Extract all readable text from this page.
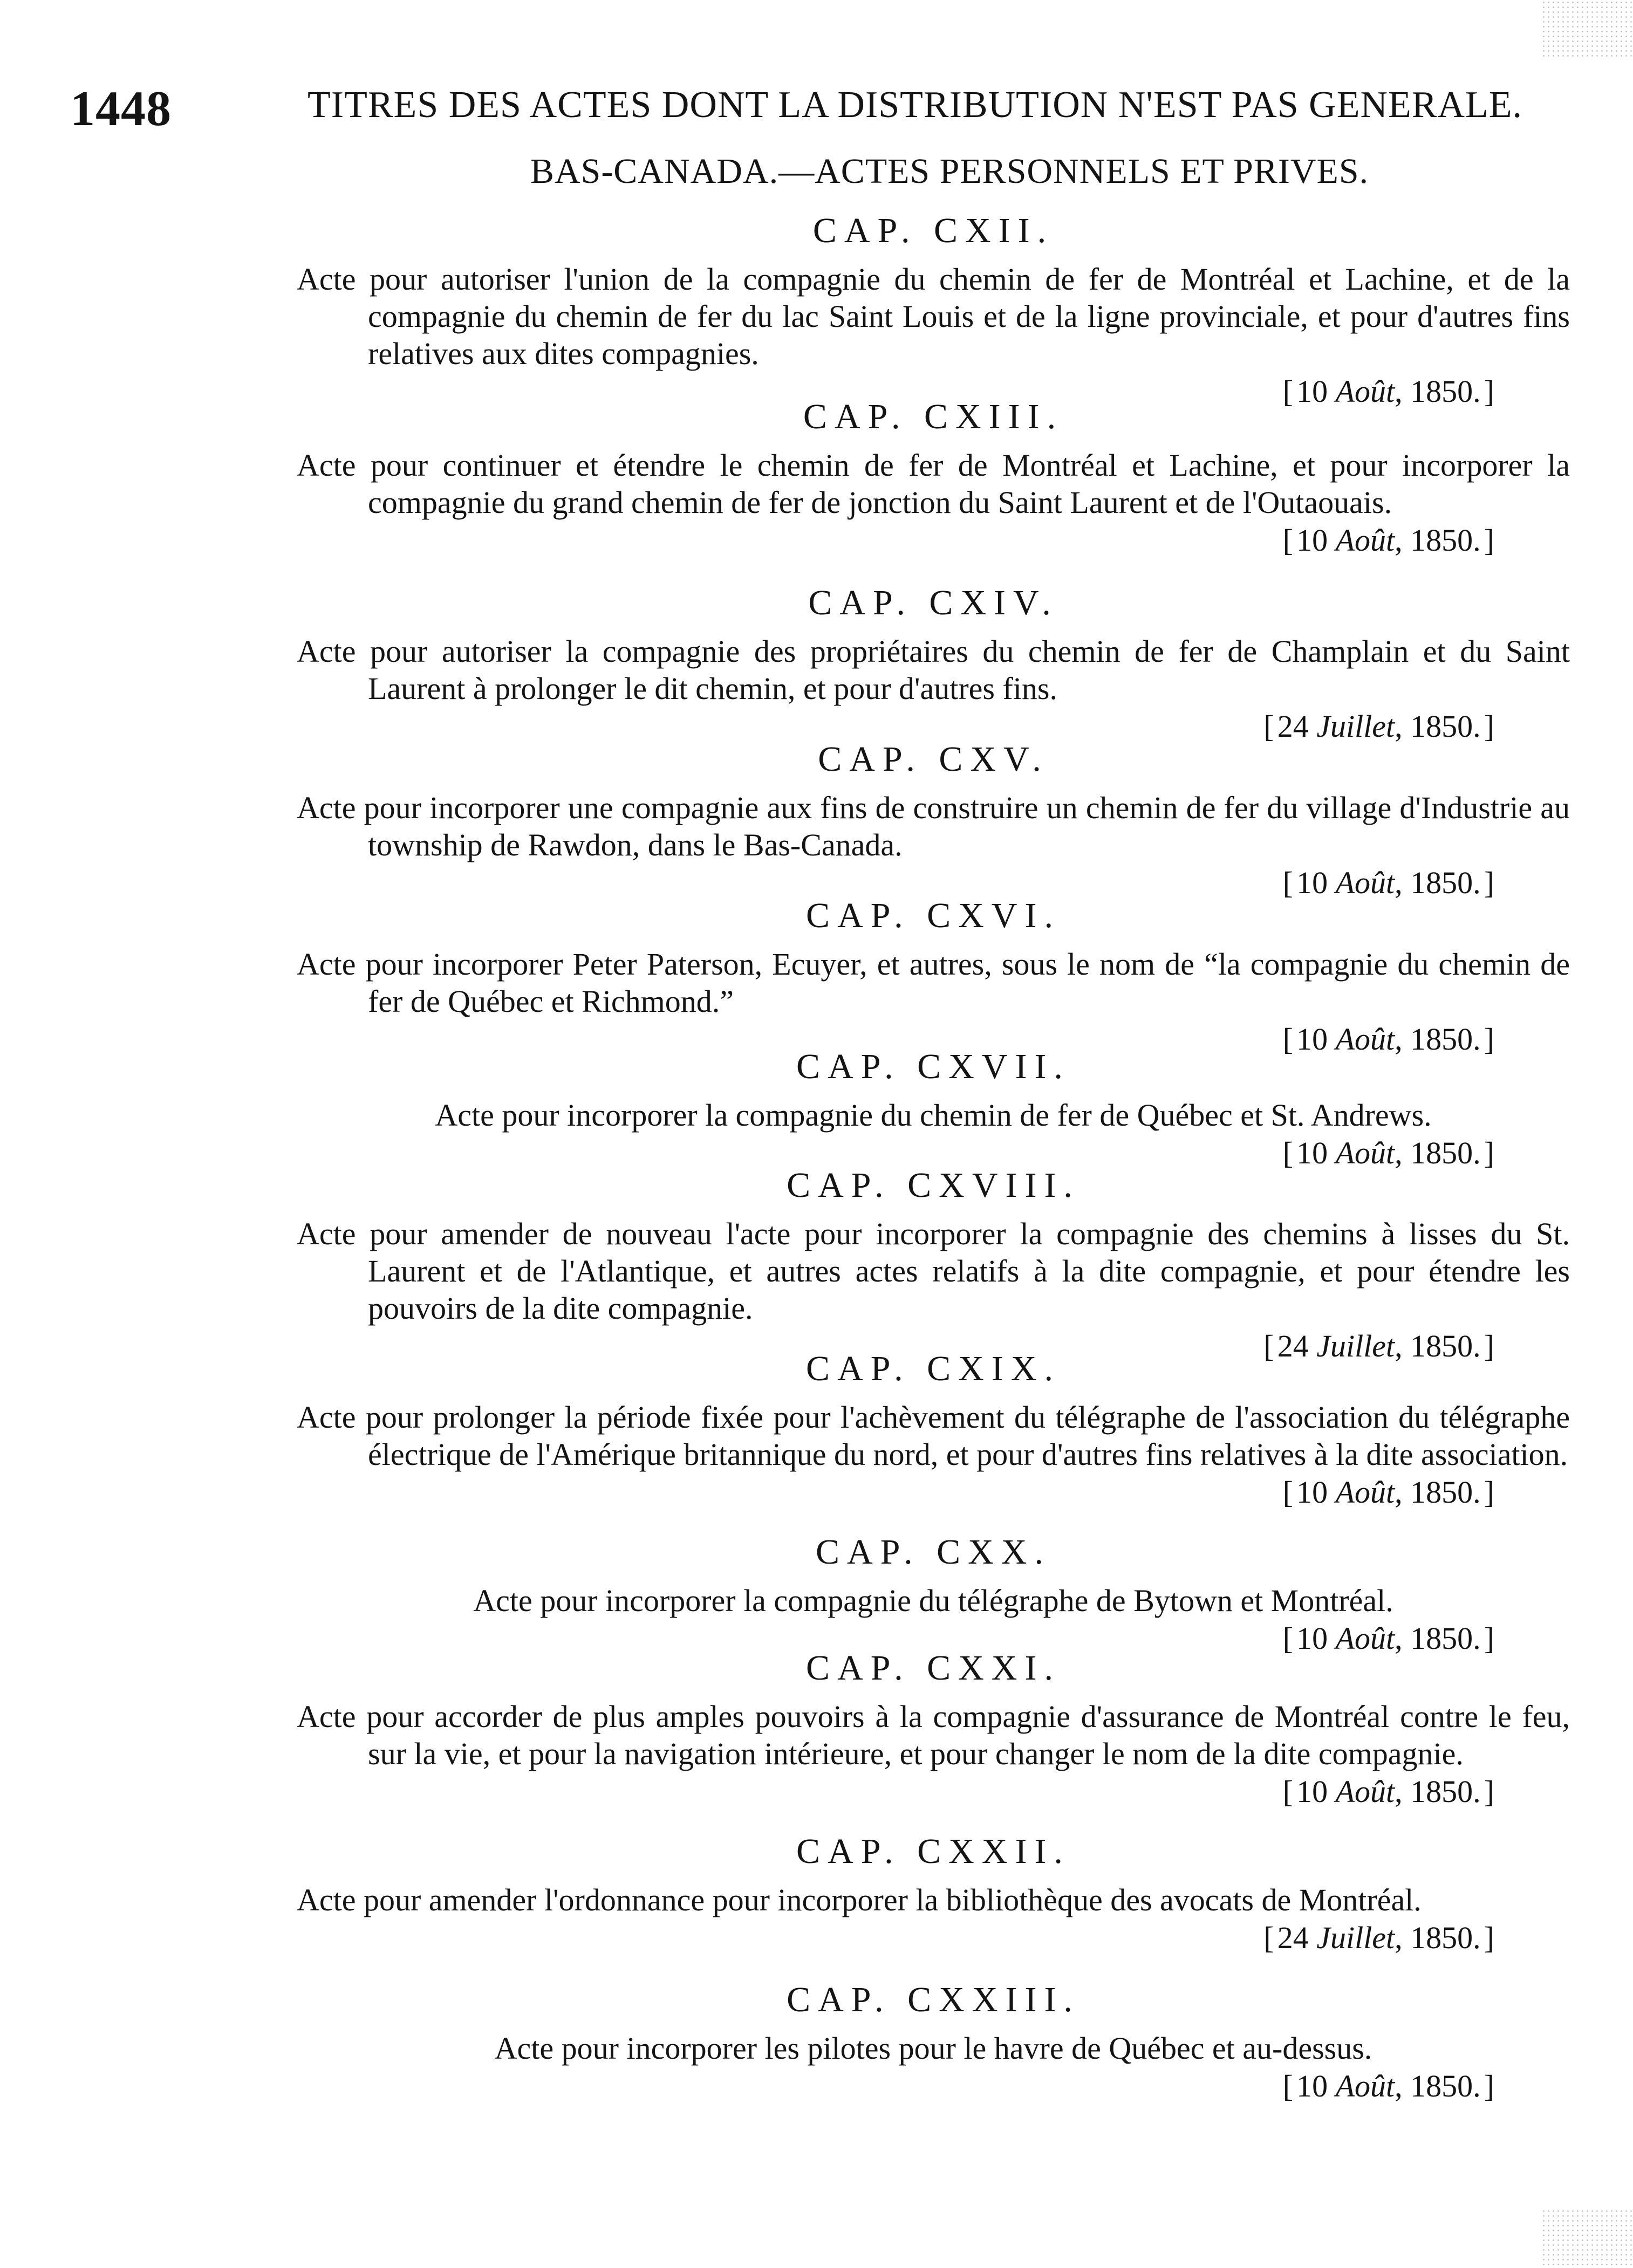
1448	TITRES DES ACTES DONT LA DISTRIBUTION N'EST PAS GENERALE.
BAS-CANADA.—ACTES PERSONNELS ET PRIVES.
CAP. CXII.
Acte pour autoriser l'union de la compagnie du chemin de fer de Montréal et Lachine, et de la compagnie du chemin de fer du lac Saint Louis et de la ligne provinciale, et pour d'autres fins relatives aux dites compagnies.
[ 10 Août, 1850. ]
CAP. CXIII.
Acte pour continuer et étendre le chemin de fer de Montréal et Lachine, et pour incorporer la compagnie du grand chemin de fer de jonction du Saint Laurent et de l'Outaouais.
[ 10 Août, 1850. ]
CAP. CXIV.
Acte pour autoriser la compagnie des propriétaires du chemin de fer de Champlain et du Saint Laurent à prolonger le dit chemin, et pour d'autres fins.
[ 24 Juillet, 1850. ]
CAP. CXV.
Acte pour incorporer une compagnie aux fins de construire un chemin de fer du village d'Industrie au township de Rawdon, dans le Bas-Canada.
[ 10 Août, 1850. ]
CAP. CXVI.
Acte pour incorporer Peter Paterson, Ecuyer, et autres, sous le nom de “la compagnie du chemin de fer de Québec et Richmond.”
[ 10 Août, 1850. ]
CAP. CXVII.
Acte pour incorporer la compagnie du chemin de fer de Québec et St. Andrews.
[ 10 Août, 1850. ]
CAP. CXVIII.
Acte pour amender de nouveau l'acte pour incorporer la compagnie des chemins à lisses du St. Laurent et de l'Atlantique, et autres actes relatifs à la dite compagnie, et pour étendre les pouvoirs de la dite compagnie.
[ 24 Juillet, 1850. ]
CAP. CXIX.
Acte pour prolonger la période fixée pour l'achèvement du télégraphe de l'association du télégraphe électrique de l'Amérique britannique du nord, et pour d'autres fins relatives à la dite association.
[ 10 Août, 1850. ]
CAP. CXX.
Acte pour incorporer la compagnie du télégraphe de Bytown et Montréal.
[ 10 Août, 1850. ]
CAP. CXXI.
Acte pour accorder de plus amples pouvoirs à la compagnie d'assurance de Montréal contre le feu, sur la vie, et pour la navigation intérieure, et pour changer le nom de la dite compagnie.
[ 10 Août, 1850. ]
CAP. CXXII.
Acte pour amender l'ordonnance pour incorporer la bibliothèque des avocats de Montréal.
[ 24 Juillet, 1850. ]
CAP. CXXIII.
Acte pour incorporer les pilotes pour le havre de Québec et au-dessus.
[ 10 Août, 1850. ]
